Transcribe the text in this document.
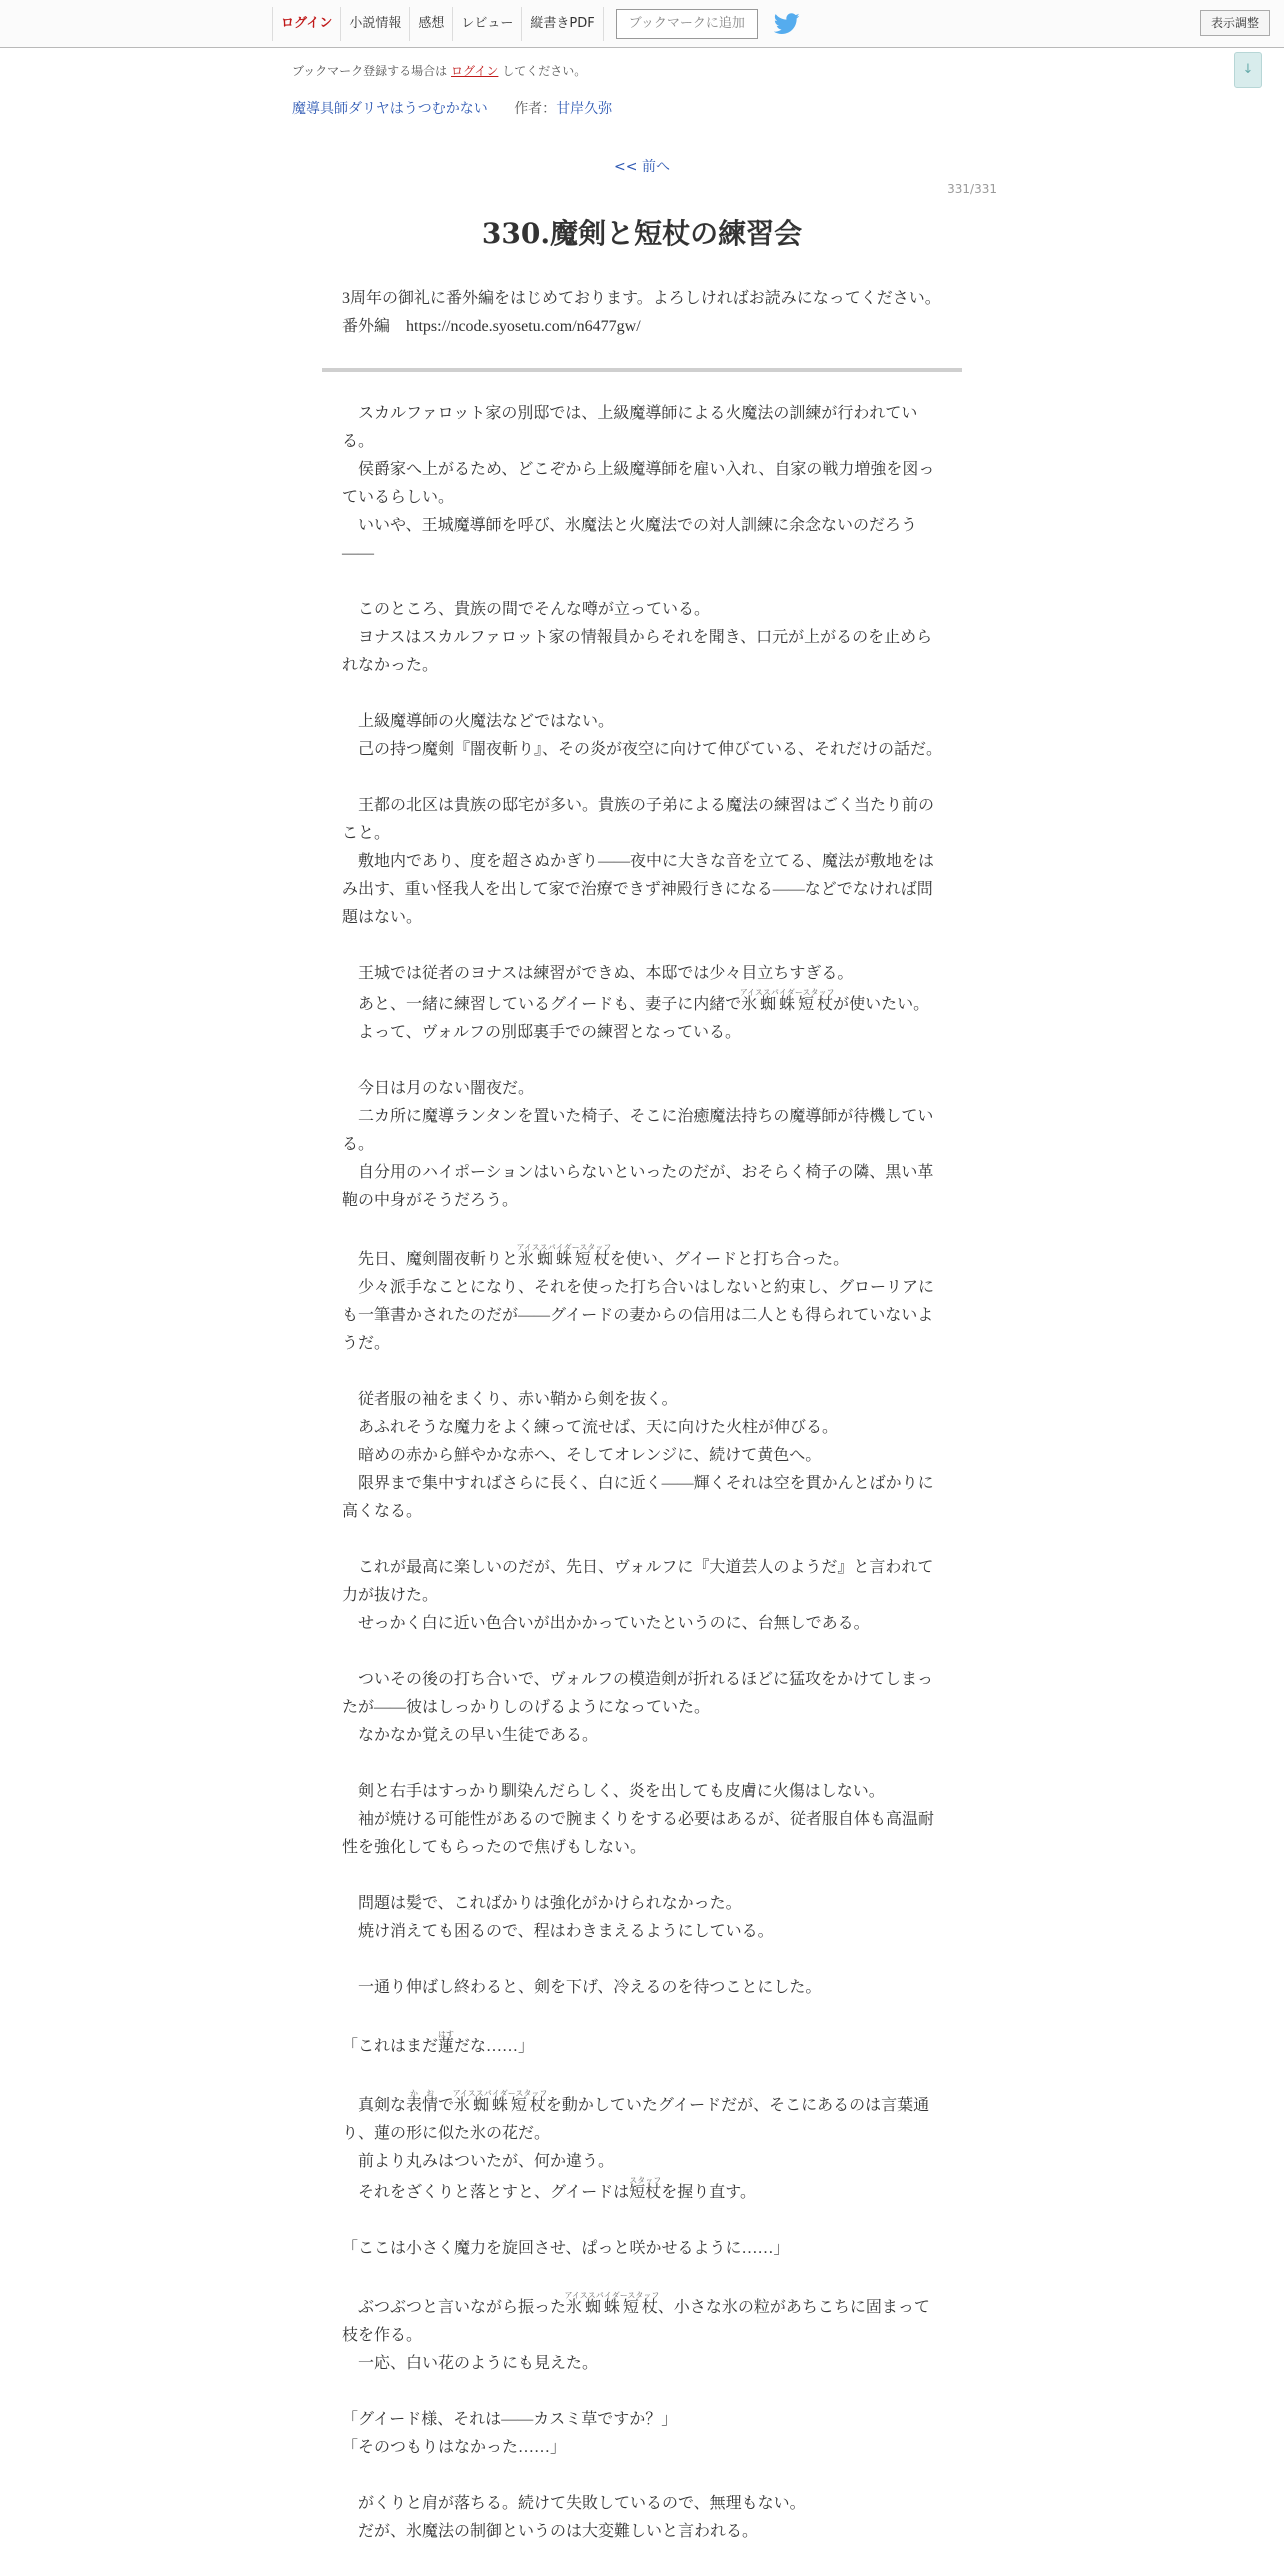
ログイン	小説情報	感想	レビュー	縦書きPDF	ブックマークに追加	表示調整
↓
ブックマーク登録する場合は ログイン してください。
魔導具師ダリヤはうつむかない 作者：甘岸久弥
<< 前へ
331/331
330.魔剣と短杖の練習会
3周年の御礼に番外編をはじめております。よろしければお読みになってください。
番外編　https://ncode.syosetu.com/n6477gw/

　スカルファロット家の別邸では、上級魔導師による火魔法の訓練が行われている。

　侯爵家へ上がるため、どこぞから上級魔導師を雇い入れ、自家の戦力増強を図っているらしい。

　いいや、王城魔導師を呼び、氷魔法と火魔法での対人訓練に余念ないのだろう――

　このところ、貴族の間でそんな噂が立っている。

　ヨナスはスカルファロット家の情報員からそれを聞き、口元が上がるのを止められなかった。

　上級魔導師の火魔法などではない。

　己の持つ魔剣『闇夜斬り』、その炎が夜空に向けて伸びている、それだけの話だ。

　王都の北区は貴族の邸宅が多い。貴族の子弟による魔法の練習はごく当たり前のこと。

　敷地内であり、度を超さぬかぎり――夜中に大きな音を立てる、魔法が敷地をはみ出す、重い怪我人を出して家で治療できず神殿行きになる――などでなければ問題はない。

　王城では従者のヨナスは練習ができぬ、本邸では少々目立ちすぎる。

　あと、一緒に練習しているグイードも、妻子に内緒で氷蜘蛛短杖アイススパイダースタッフが使いたい。

　よって、ヴォルフの別邸裏手での練習となっている。

　今日は月のない闇夜だ。

　二カ所に魔導ランタンを置いた椅子、そこに治癒魔法持ちの魔導師が待機している。

　自分用のハイポーションはいらないといったのだが、おそらく椅子の隣、黒い革鞄の中身がそうだろう。

　先日、魔剣闇夜斬りと氷蜘蛛短杖アイススパイダースタッフを使い、グイードと打ち合った。

　少々派手なことになり、それを使った打ち合いはしないと約束し、グローリアにも一筆書かされたのだが――グイードの妻からの信用は二人とも得られていないようだ。

　従者服の袖をまくり、赤い鞘から剣を抜く。

　あふれそうな魔力をよく練って流せば、天に向けた火柱が伸びる。

　暗めの赤から鮮やかな赤へ、そしてオレンジに、続けて黄色へ。

　限界まで集中すればさらに長く、白に近く――輝くそれは空を貫かんとばかりに高くなる。

　これが最高に楽しいのだが、先日、ヴォルフに『大道芸人のようだ』と言われて力が抜けた。

　せっかく白に近い色合いが出かかっていたというのに、台無しである。

　ついその後の打ち合いで、ヴォルフの模造剣が折れるほどに猛攻をかけてしまったが――彼はしっかりしのげるようになっていた。

　なかなか覚えの早い生徒である。

　剣と右手はすっかり馴染んだらしく、炎を出しても皮膚に火傷はしない。

　袖が焼ける可能性があるので腕まくりをする必要はあるが、従者服自体も高温耐性を強化してもらったので焦げもしない。

　問題は髪で、こればかりは強化がかけられなかった。

　焼け消えても困るので、程はわきまえるようにしている。

　一通り伸ばし終わると、剣を下げ、冷えるのを待つことにした。

「これはまだ蓮はすだな……」

　真剣な表情かおで氷蜘蛛短杖アイススパイダースタッフを動かしていたグイードだが、そこにあるのは言葉通り、蓮の形に似た氷の花だ。

　前より丸みはついたが、何か違う。

　それをざくりと落とすと、グイードは短杖スタッフを握り直す。

「ここは小さく魔力を旋回させ、ぱっと咲かせるように……」

　ぶつぶつと言いながら振った氷蜘蛛短杖アイススパイダースタッフ、小さな氷の粒があちこちに固まって枝を作る。

　一応、白い花のようにも見えた。

「グイード様、それは――カスミ草ですか？」

「そのつもりはなかった……」

　がくりと肩が落ちる。続けて失敗しているので、無理もない。

　だが、氷魔法の制御というのは大変難しいと言われる。
